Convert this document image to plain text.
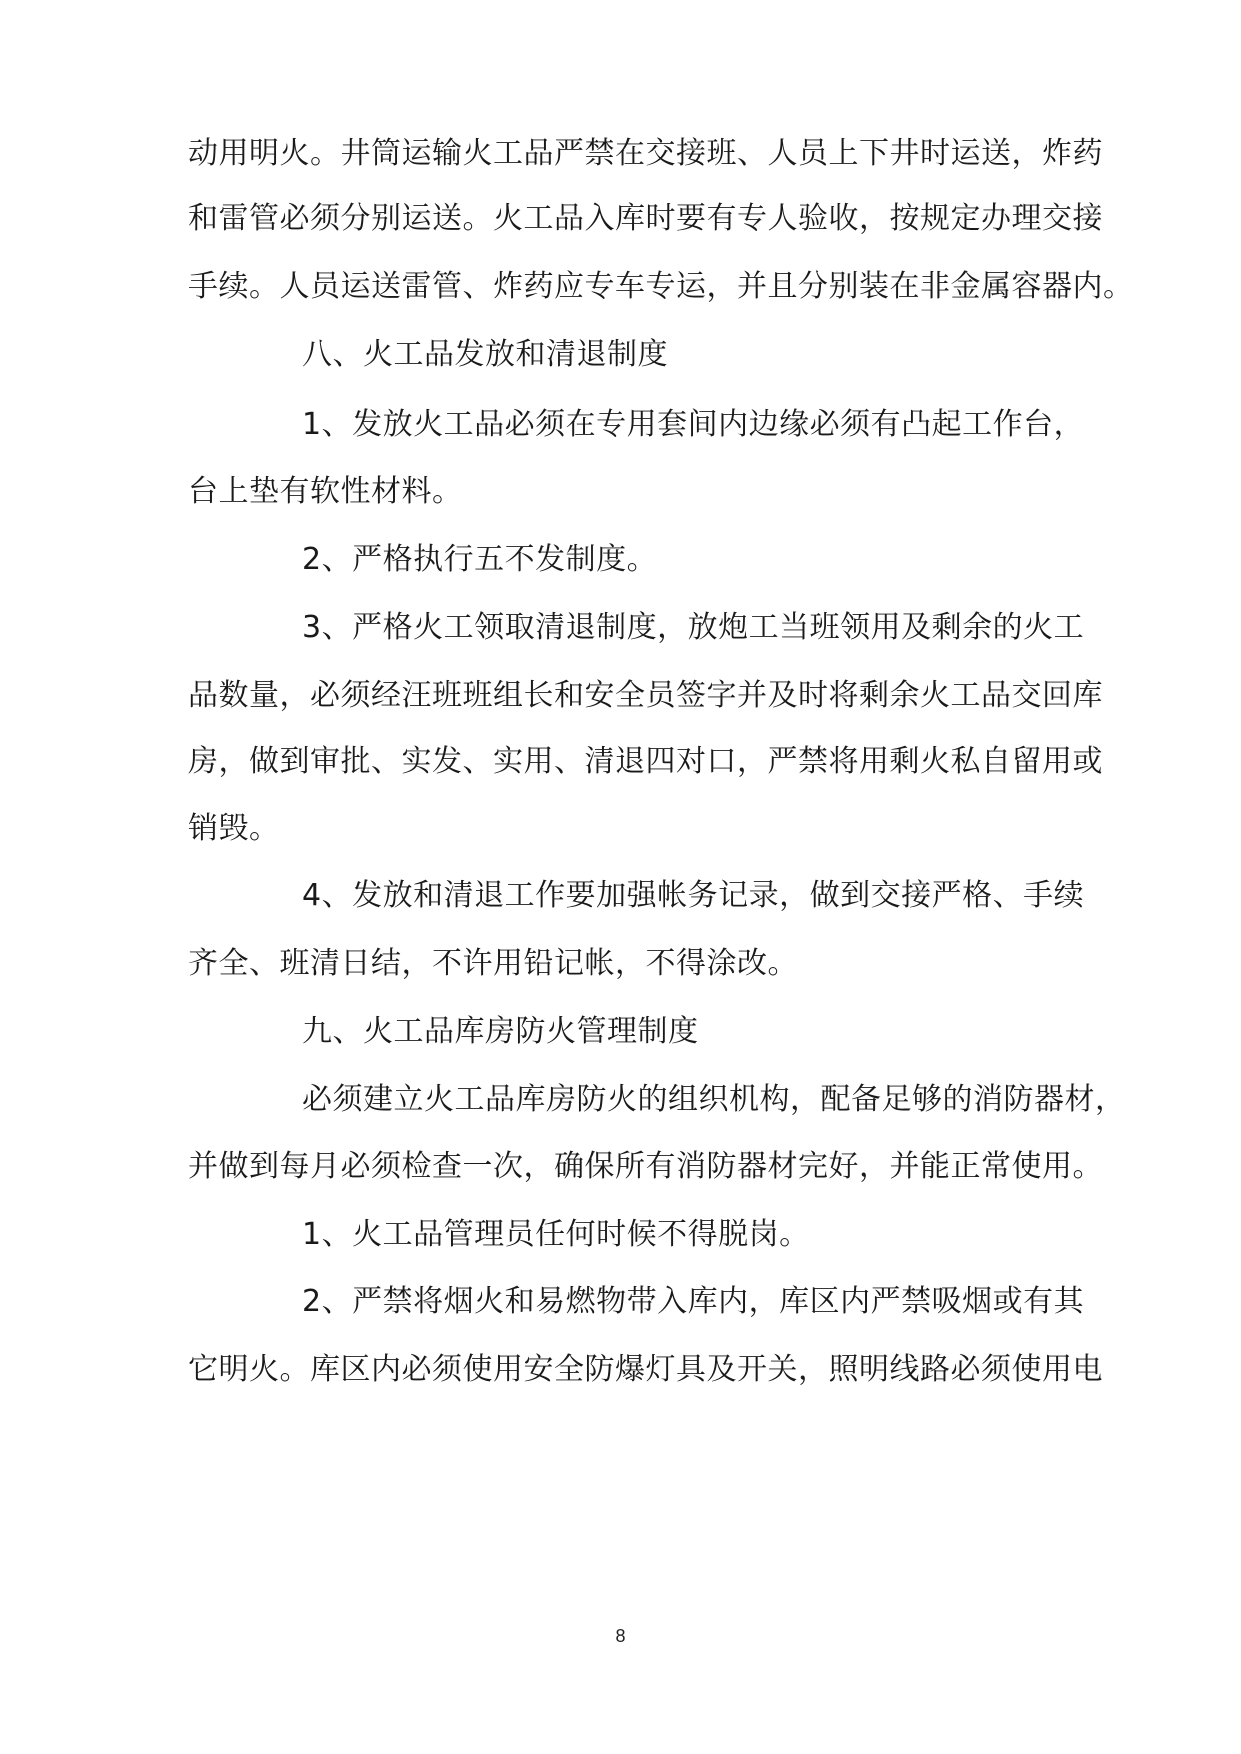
动用明火。井筒运输火工品严禁在交接班、人员上下井时运送，炸药
和雷管必须分别运送。火工品入库时要有专人验收，按规定办理交接
手续。人员运送雷管、炸药应专车专运，并且分别装在非金属容器内。
八、火工品发放和清退制度
1、发放火工品必须在专用套间内边缘必须有凸起工作台，
台上垫有软性材料。
2、严格执行五不发制度。
3、严格火工领取清退制度，放炮工当班领用及剩余的火工
品数量，必须经汪班班组长和安全员签字并及时将剩余火工品交回库
房，做到审批、实发、实用、清退四对口，严禁将用剩火私自留用或
销毁。
4、发放和清退工作要加强帐务记录，做到交接严格、手续
齐全、班清日结，不许用铅记帐，不得涂改。
九、火工品库房防火管理制度
必须建立火工品库房防火的组织机构，配备足够的消防器材，
并做到每月必须检查一次，确保所有消防器材完好，并能正常使用。
1、火工品管理员任何时候不得脱岗。
2、严禁将烟火和易燃物带入库内，库区内严禁吸烟或有其
它明火。库区内必须使用安全防爆灯具及开关，照明线路必须使用电
8
